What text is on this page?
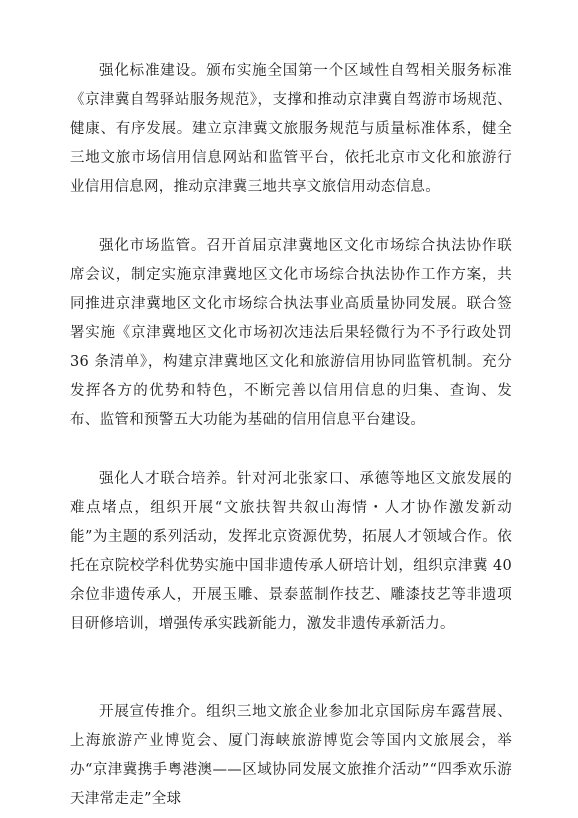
强化标准建设。颁布实施全国第一个区域性自驾相关服务标准《京津冀自驾驿站服务规范》，支撑和推动京津冀自驾游市场规范、健康、有序发展。建立京津冀文旅服务规范与质量标准体系，健全三地文旅市场信用信息网站和监管平台，依托北京市文化和旅游行业信用信息网，推动京津冀三地共享文旅信用动态信息。

强化市场监管。召开首届京津冀地区文化市场综合执法协作联席会议，制定实施京津冀地区文化市场综合执法协作工作方案，共同推进京津冀地区文化市场综合执法事业高质量协同发展。联合签署实施《京津冀地区文化市场初次违法后果轻微行为不予行政处罚 36 条清单》，构建京津冀地区文化和旅游信用协同监管机制。充分发挥各方的优势和特色，不断完善以信用信息的归集、查询、发布、监管和预警五大功能为基础的信用信息平台建设。

强化人才联合培养。针对河北张家口、承德等地区文旅发展的难点堵点，组织开展“文旅扶智共叙山海情・人才协作激发新动能”为主题的系列活动，发挥北京资源优势，拓展人才领域合作。依托在京院校学科优势实施中国非遗传承人研培计划，组织京津冀 40 余位非遗传承人，开展玉雕、景泰蓝制作技艺、雕漆技艺等非遗项目研修培训，增强传承实践新能力，激发非遗传承新活力。

开展宣传推介。组织三地文旅企业参加北京国际房车露营展、上海旅游产业博览会、厦门海峡旅游博览会等国内文旅展会，举办“京津冀携手粤港澳——区域协同发展文旅推介活动”“四季欢乐游天津常走走”全球
